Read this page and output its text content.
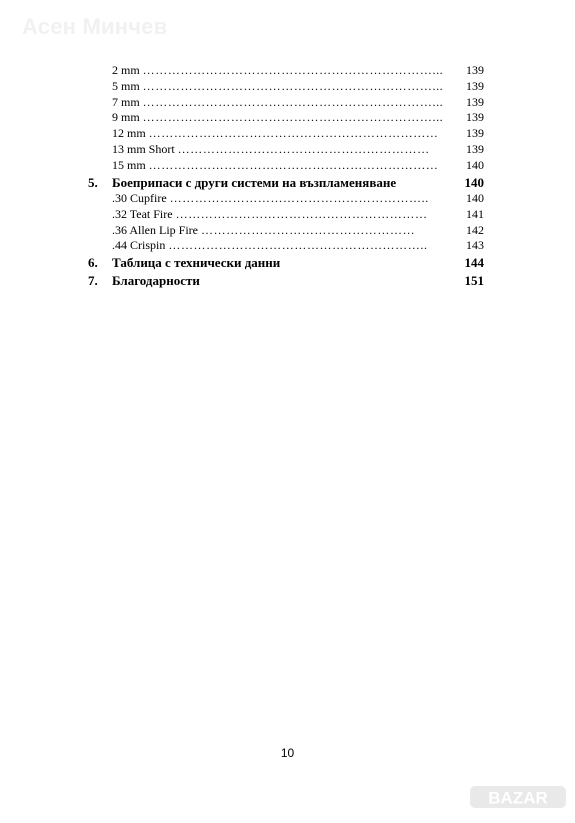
Асен Минчев
2 mm ……………………………………………………………...	139
5 mm ……………………………………………………………...	139
7 mm ……………………………………………………………...	139
9 mm ……………………………………………………………...	139
12 mm ……………………………………………………………	139
13 mm Short ……………………………………………………	139
15 mm ……………………………………………………………	140
5. Боеприпаси с други системи на възпламеняване	140
.30 Cupfire ……………………………………………………..	140
.32 Teat Fire ……………………………………………………	141
.36 Allen Lip Fire ……………………………………………	142
.44 Crispin ……………………………………………………..	143
6. Таблица с технически данни	144
7. Благодарности	151
10
BAZAR
